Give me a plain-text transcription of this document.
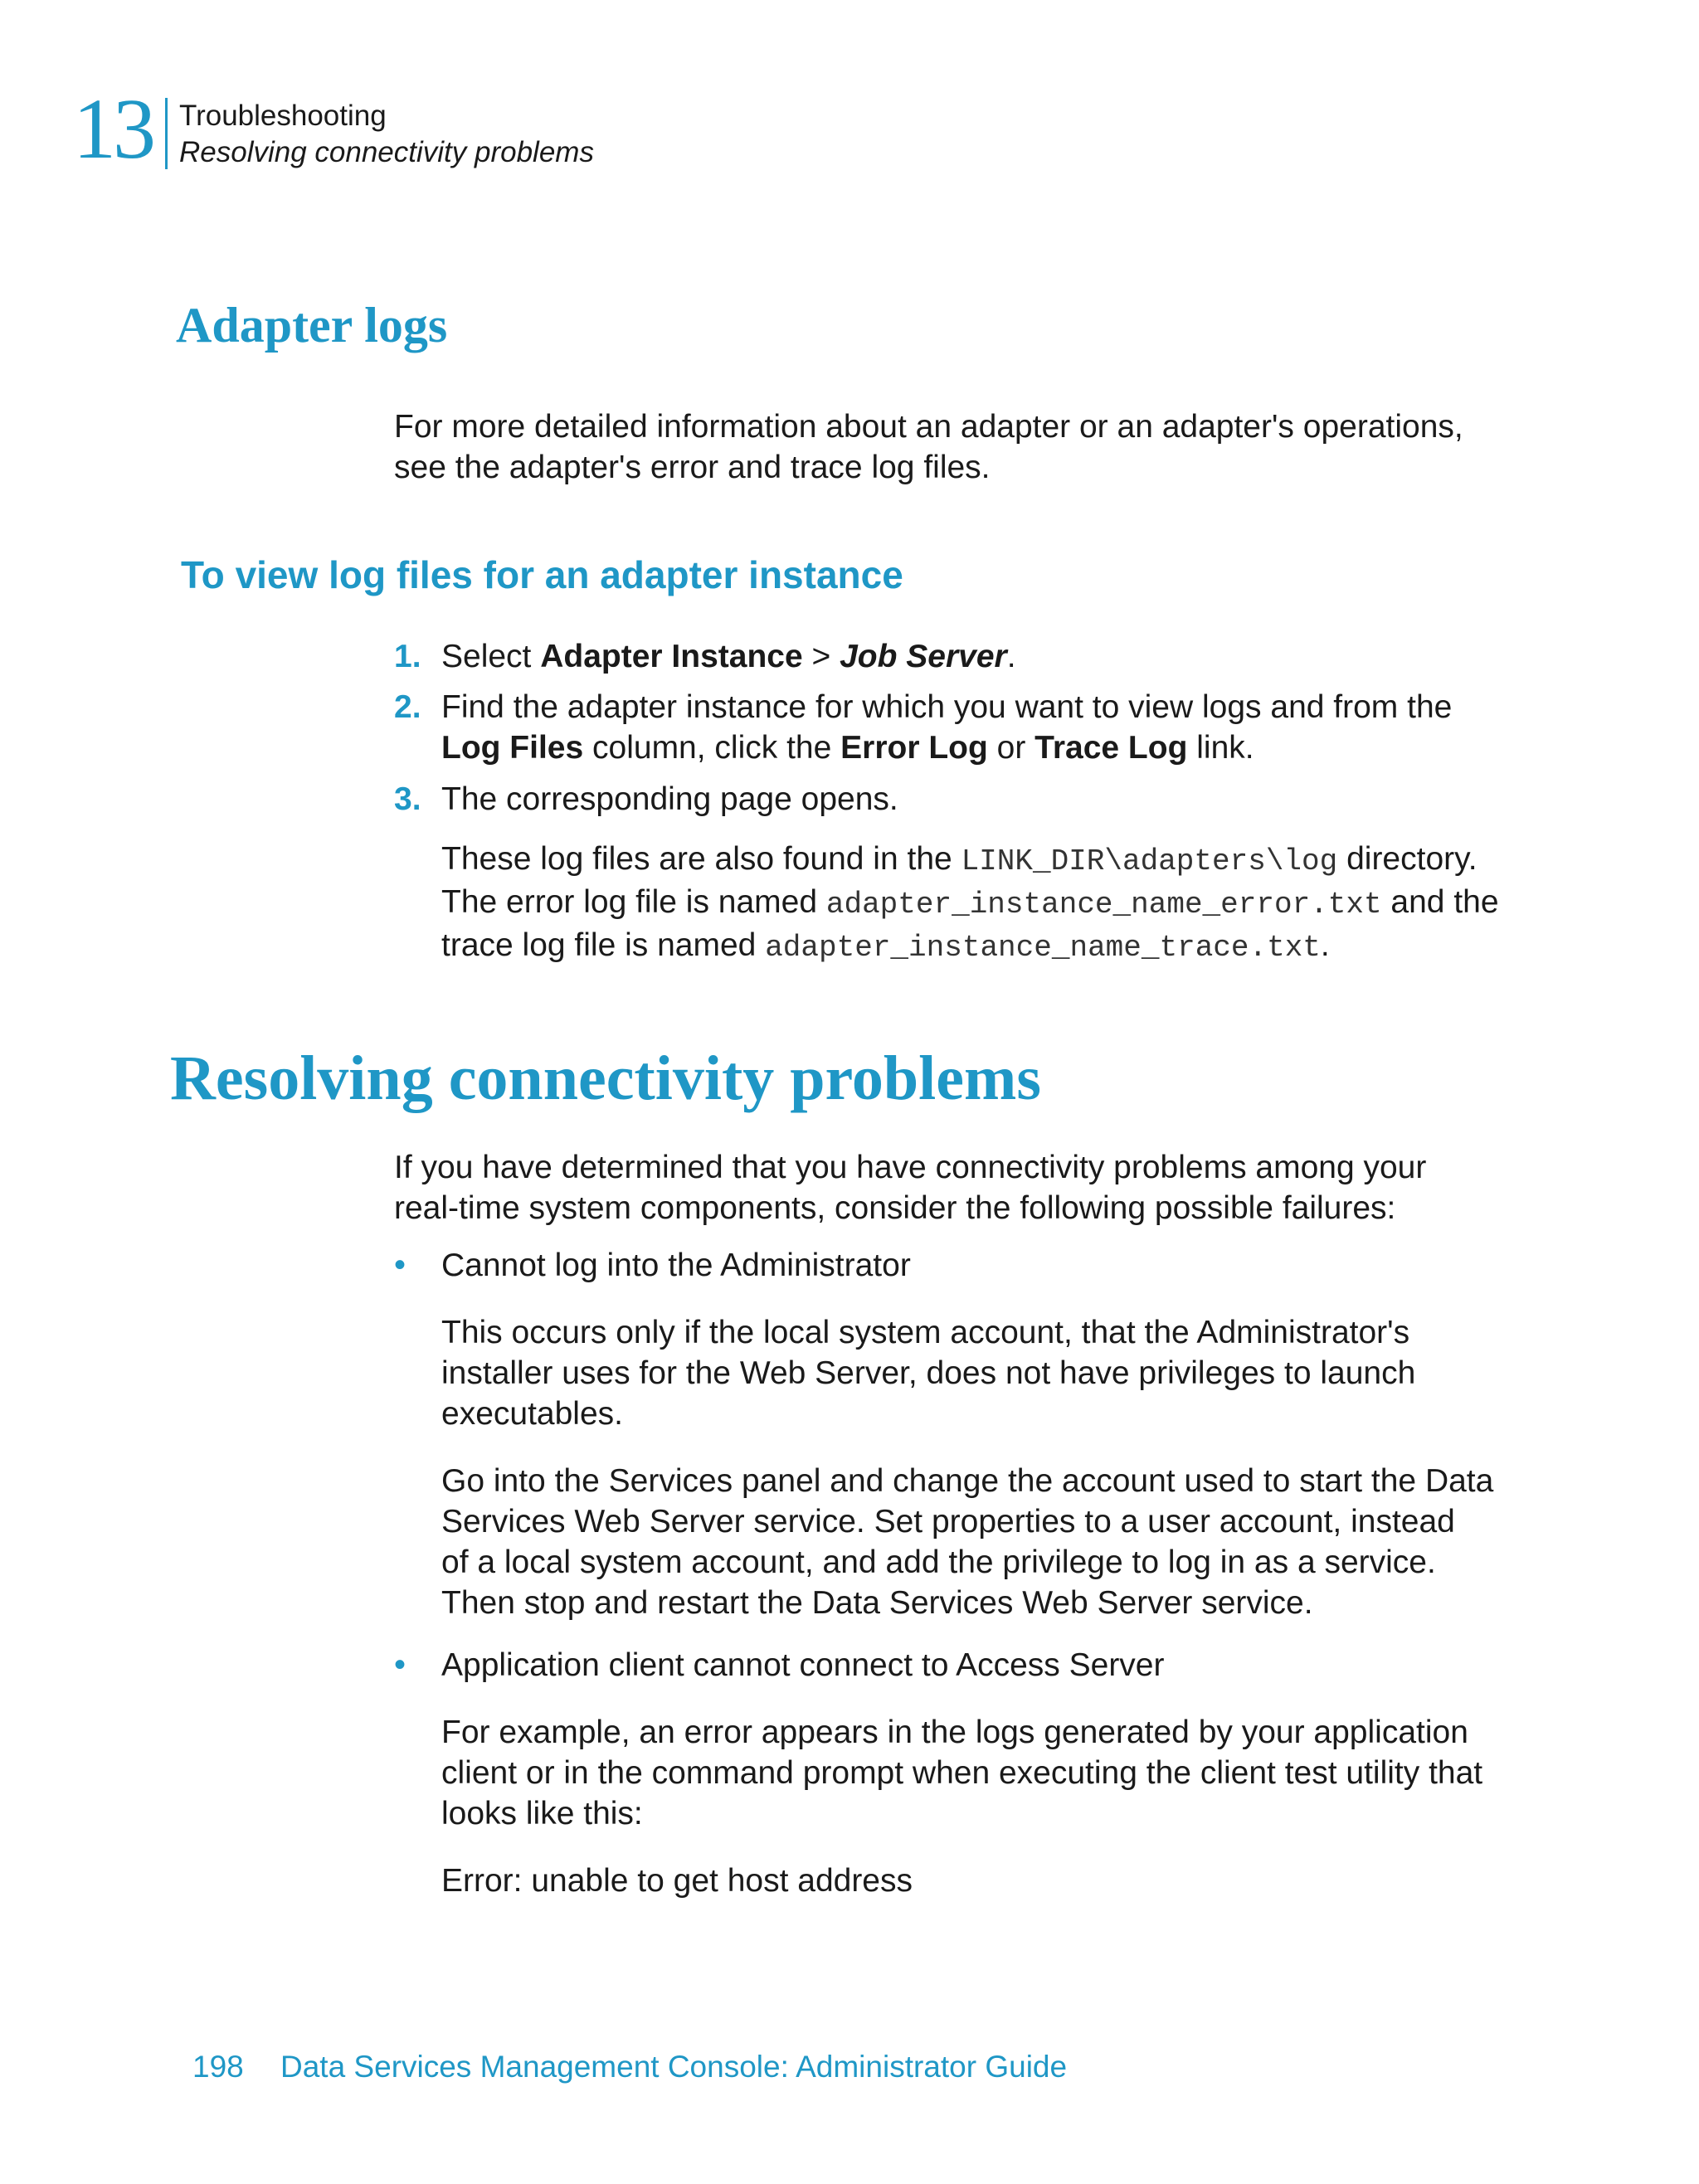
13 Troubleshooting
Resolving connectivity problems
Adapter logs

For more detailed information about an adapter or an adapter's operations,
see the adapter's error and trace log files.

To view log files for an adapter instance
1. Select Adapter Instance > Job Server.

2. Find the adapter instance for which you want to view logs and from the
Log Files column, click the Error Log or Trace Log link.

3. The corresponding page opens.

These log files are also found in the LINK_DIR\adapters\log directory.
The error log file is named adapter_instance_name_error.txt and the
trace log file is named adapter_instance_name_trace.txt.

Resolving connectivity problems

If you have determined that you have connectivity problems among your
real-time system components, consider the following possible failures:

• Cannot log into the Administrator

This occurs only if the local system account, that the Administrator's
installer uses for the Web Server, does not have privileges to launch
executables.

Go into the Services panel and change the account used to start the Data
Services Web Server service. Set properties to a user account, instead
of a local system account, and add the privilege to log in as a service.
Then stop and restart the Data Services Web Server service.

• Application client cannot connect to Access Server

For example, an error appears in the logs generated by your application
client or in the command prompt when executing the client test utility that
looks like this:

Error: unable to get host address

198 Data Services Management Console: Administrator Guide
